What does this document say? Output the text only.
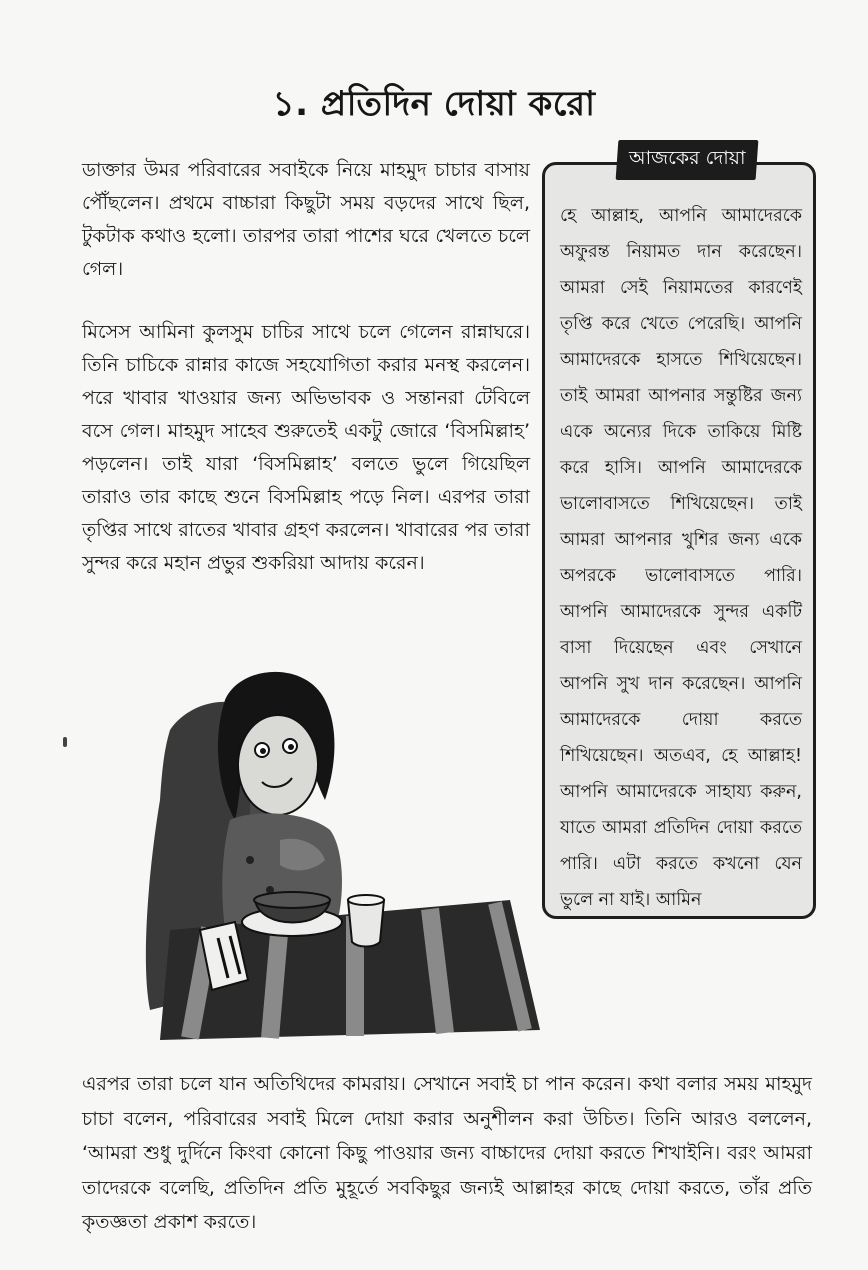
১. প্রতিদিন দোয়া করো

ডাক্তার উমর পরিবারের সবাইকে নিয়ে মাহমুদ চাচার বাসায় পৌঁছলেন। প্রথমে বাচ্চারা কিছুটা সময় বড়দের সাথে ছিল, টুকটাক কথাও হলো। তারপর তারা পাশের ঘরে খেলতে চলে গেল।

মিসেস আমিনা কুলসুম চাচির সাথে চলে গেলেন রান্নাঘরে। তিনি চাচিকে রান্নার কাজে সহযোগিতা করার মনস্থ করলেন। পরে খাবার খাওয়ার জন্য অভিভাবক ও সন্তানরা টেবিলে বসে গেল। মাহমুদ সাহেব শুরুতেই একটু জোরে ‘বিসমিল্লাহ’ পড়লেন। তাই যারা ‘বিসমিল্লাহ’ বলতে ভুলে গিয়েছিল তারাও তার কাছে শুনে বিসমিল্লাহ পড়ে নিল। এরপর তারা তৃপ্তির সাথে রাতের খাবার গ্রহণ করলেন। খাবারের পর তারা সুন্দর করে মহান প্রভুর শুকরিয়া আদায় করেন।

আজকের দোয়া

হে আল্লাহ, আপনি আমাদেরকে অফুরন্ত নিয়ামত দান করেছেন। আমরা সেই নিয়ামতের কারণেই তৃপ্তি করে খেতে পেরেছি। আপনি আমাদেরকে হাসতে শিখিয়েছেন। তাই আমরা আপনার সন্তুষ্টির জন্য একে অন্যের দিকে তাকিয়ে মিষ্টি করে হাসি। আপনি আমাদেরকে ভালোবাসতে শিখিয়েছেন। তাই আমরা আপনার খুশির জন্য একে অপরকে ভালোবাসতে পারি। আপনি আমাদেরকে সুন্দর একটি বাসা দিয়েছেন এবং সেখানে আপনি সুখ দান করেছেন। আপনি আমাদেরকে দোয়া করতে শিখিয়েছেন। অতএব, হে আল্লাহ! আপনি আমাদেরকে সাহায্য করুন, যাতে আমরা প্রতিদিন দোয়া করতে পারি। এটা করতে কখনো যেন ভুলে না যাই। আমিন

এরপর তারা চলে যান অতিথিদের কামরায়। সেখানে সবাই চা পান করেন। কথা বলার সময় মাহমুদ চাচা বলেন, পরিবারের সবাই মিলে দোয়া করার অনুশীলন করা উচিত। তিনি আরও বললেন, ‘আমরা শুধু দুর্দিনে কিংবা কোনো কিছু পাওয়ার জন্য বাচ্চাদের দোয়া করতে শিখাইনি। বরং আমরা তাদেরকে বলেছি, প্রতিদিন প্রতি মুহূর্তে সবকিছুর জন্যই আল্লাহর কাছে দোয়া করতে, তাঁর প্রতি কৃতজ্ঞতা প্রকাশ করতে।
